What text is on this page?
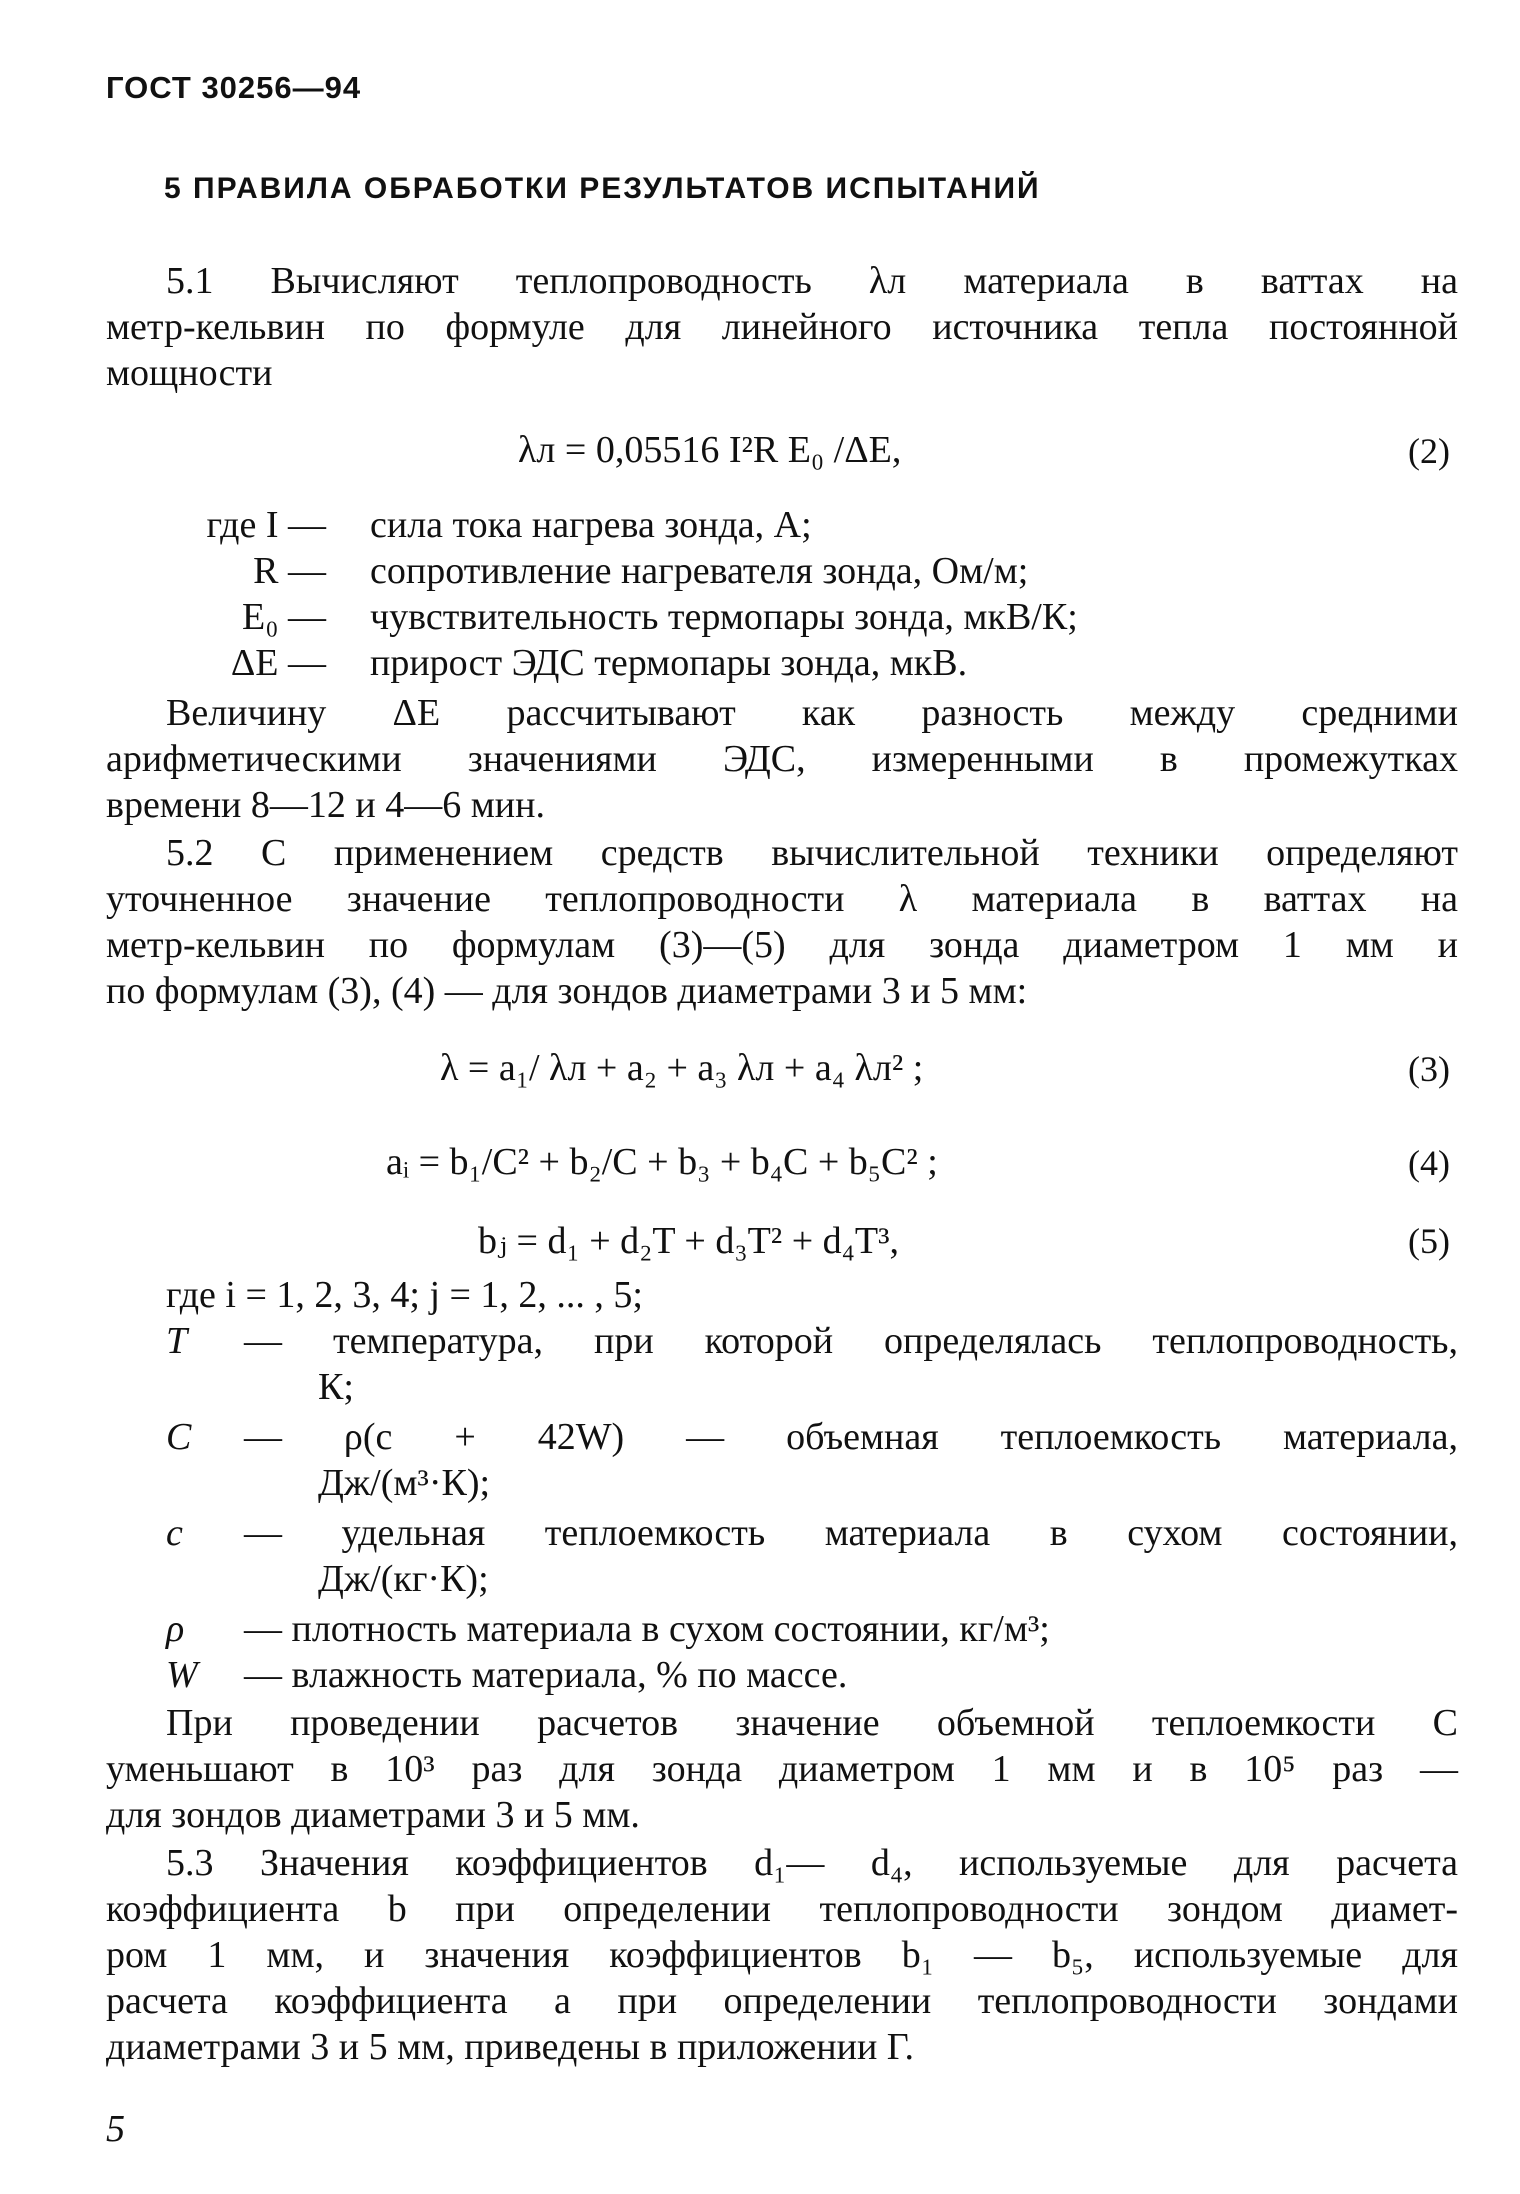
ГОСТ 30256—94
5 ПРАВИЛА ОБРАБОТКИ РЕЗУЛЬТАТОВ ИСПЫТАНИЙ
5.1 Вычисляют теплопроводность λл материала в ваттах на
метр-кельвин по формуле для линейного источника тепла постоянной
мощности
λл = 0,05516 I²R E₀ /ΔE,	(2)
где I — сила тока нагрева зонда, А;
R — сопротивление нагревателя зонда, Ом/м;
E₀ — чувствительность термопары зонда, мкВ/К;
ΔE — прирост ЭДС термопары зонда, мкВ.
Величину ΔE рассчитывают как разность между средними
арифметическими значениями ЭДС, измеренными в промежутках
времени 8—12 и 4—6 мин.
5.2 С применением средств вычислительной техники определяют
уточненное значение теплопроводности λ материала в ваттах на
метр-кельвин по формулам (3)—(5) для зонда диаметром 1 мм и
по формулам (3), (4) — для зондов диаметрами 3 и 5 мм:
λ = a₁/ λл + a₂ + a₃ λл + a₄ λл² ;	(3)
aᵢ = b₁/C² + b₂/C + b₃ + b₄C + b₅C² ;	(4)
bⱼ = d₁ + d₂T + d₃T² + d₄T³,	(5)
где i = 1, 2, 3, 4; j = 1, 2, ... , 5;
T — температура, при которой определялась теплопроводность,
К;
C — ρ(c + 42W) — объемная теплоемкость материала,
Дж/(м³·К);
c — удельная теплоемкость материала в сухом состоянии,
Дж/(кг·К);
ρ — плотность материала в сухом состоянии, кг/м³;
W — влажность материала, % по массе.
При проведении расчетов значение объемной теплоемкости C
уменьшают в 10³ раз для зонда диаметром 1 мм и в 10⁵ раз —
для зондов диаметрами 3 и 5 мм.
5.3 Значения коэффициентов d₁— d₄, используемые для расчета
коэффициента b при определении теплопроводности зондом диамет-
ром 1 мм, и значения коэффициентов b₁ — b₅, используемые для
расчета коэффициента a при определении теплопроводности зондами
диаметрами 3 и 5 мм, приведены в приложении Г.
5
